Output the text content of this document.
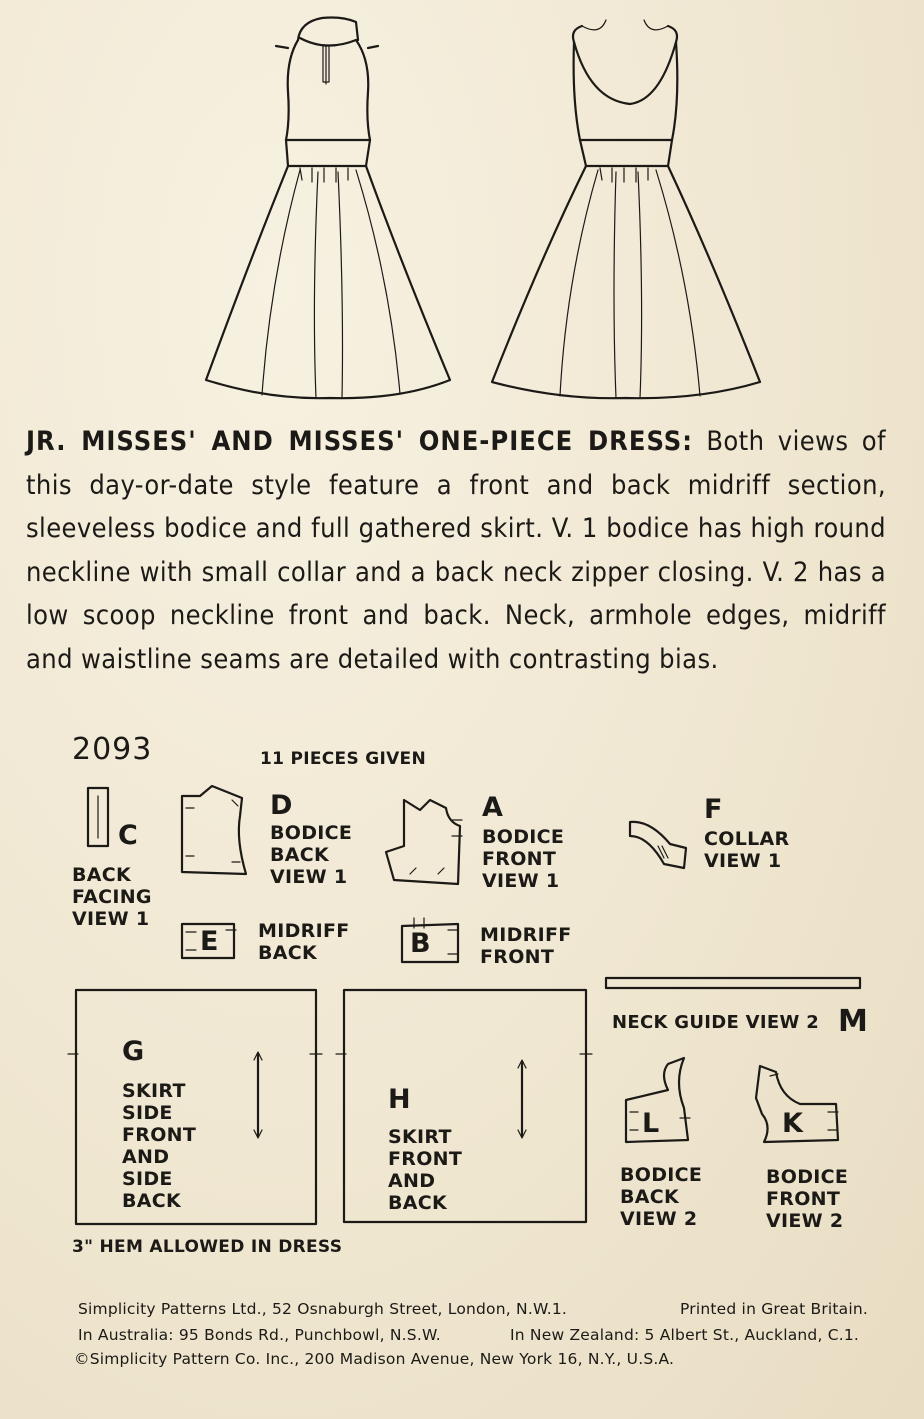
JR. MISSES' AND MISSES' ONE-PIECE DRESS: Both views of this day-or-date style feature a front and back midriff section, sleeveless bodice and full gathered skirt. V. 1 bodice has high round neckline with small collar and a back neck zipper closing. V. 2 has a low scoop neckline front and back. Neck, armhole edges, midriff and waistline seams are detailed with contrasting bias.
2093	11 PIECES GIVEN
C
BACK
FACING
VIEW 1
D
BODICE
BACK
VIEW 1
A
BODICE
FRONT
VIEW 1
F
COLLAR
VIEW 1
E MIDRIFF
BACK	B	MIDRIFF
FRONT
NECK GUIDE VIEW 2 M
G
SKIRT
SIDE
FRONT
AND
SIDE
BACK
H
SKIRT
FRONT
AND
BACK
L
BODICE
BACK
VIEW 2
K
BODICE
FRONT
VIEW 2
3" HEM ALLOWED IN DRESS
Simplicity Patterns Ltd., 52 Osnaburgh Street, London, N.W.1.	Printed in Great Britain.
In Australia: 95 Bonds Rd., Punchbowl, N.S.W.	In New Zealand: 5 Albert St., Auckland, C.1.
©Simplicity Pattern Co. Inc., 200 Madison Avenue, New York 16, N.Y., U.S.A.
